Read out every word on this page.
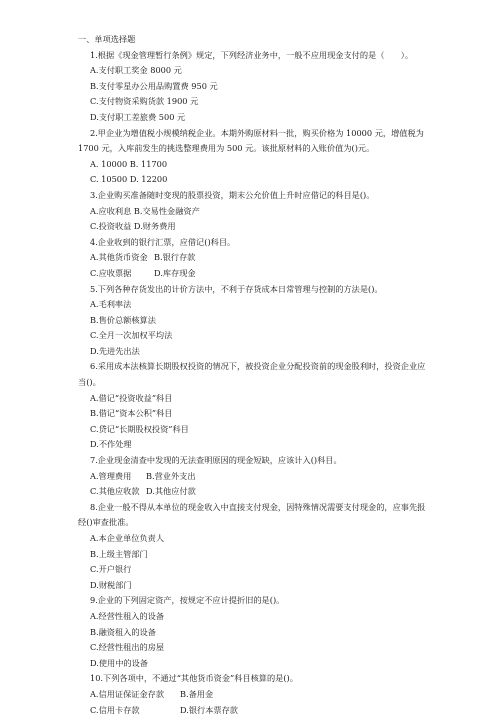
一、单项选择题
1.根据《现金管理暂行条例》规定，下列经济业务中，一般不应用现金支付的是（　　）。
A.支付职工奖金 8000 元
B.支付零星办公用品购置费 950 元
C.支付物资采购货款 1900 元
D.支付职工差旅费 500 元
2.甲企业为增值税小规模纳税企业。本期外购原材料一批，购买价格为 10000 元，增值税为 1700 元，入库前发生的挑选整理费用为 500 元。该批原材料的入账价值为()元。
A. 10000 B. 11700
C. 10500 D. 12200
3.企业购买准备随时变现的股票投资，期末公允价值上升时应借记的科目是()。
A.应收利息 B.交易性金融资产
C.投资收益 D.财务费用
4.企业收到的银行汇票，应借记()科目。
A.其他货币资金 B.银行存款
C.应收票据	D.库存现金
5.下列各种存货发出的计价方法中，不利于存货成本日常管理与控制的方法是()。
A.毛利率法
B.售价总额核算法
C.全月一次加权平均法
D.先进先出法
6.采用成本法核算长期股权投资的情况下，被投资企业分配投资前的现金股利时，投资企业应当()。
A.借记“投资收益”科目
B.借记“资本公积”科目
C.贷记“长期股权投资”科目
D.不作处理
7.企业现金清查中发现的无法查明原因的现金短缺，应该计入()科目。
A.管理费用	B.营业外支出
C.其他应收款 D.其他应付款
8.企业一般不得从本单位的现金收入中直接支付现金，因特殊情况需要支付现金的，应事先报经()审查批准。
A.本企业单位负责人
B.上级主管部门
C.开户银行
D.财税部门
9.企业的下列固定资产，按规定不应计提折旧的是()。
A.经营性租入的设备
B.融资租入的设备
C.经营性租出的房屋
D.使用中的设备
10.下列各项中，不通过“其他货币资金”科目核算的是()。
A.信用证保证金存款	B.备用金
C.信用卡存款	D.银行本票存款
